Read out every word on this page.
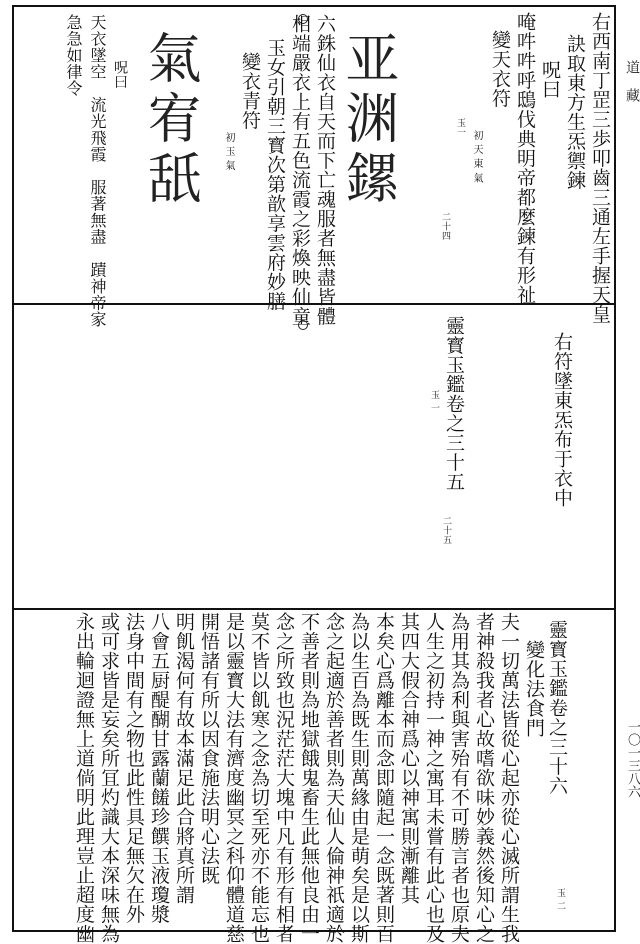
道　藏
一〇一三八六
右西南丁罡三歩叩齒三通左手握天皇
訣取東方生炁禦鍊
呪曰
唵吽吽呼鴟伐典明帝都麼鍊有形祉
變天衣符
初 天 東 氣
玉一
二十四
亚渊鏍
六銖仙衣自天而下亡魂服者無盡皆體
相端嚴衣上有五色流霞之彩煥映仙童
玉女引朝三寳次第歆享雲府妙膳
變衣青符
初 玉 氣
氣宥舐
天衣墜空　流光飛霞　服著無盡　蹟神帝家
急急如律令 呪曰
右符墜東炁布于衣中
靈寳玉鑑卷之三十五
玉 一
二十五
靈寳玉鑑卷之三十六
玉 二
變化法食門
夫一切萬法皆從心起亦從心滅所謂生我
者神殺我者心故嗜欲味妙義然後知心之
為用其為利與害殆有不可勝言者也原夫
人生之初持一神之寓耳未嘗有此心也及
其四大假合神爲心以神寓則漸離其
本矣心爲離本而念即隨起一念既著則百
為以生百為既生則萬緣由是萌矣是以斯
念之起適於善者則為天仙人倫神祇適於
不善者則為地獄餓鬼畜生此無他良由一
念之所致也況茫茫大塊中凡有形有相者
莫不皆以飢寒之念為切至死亦不能忘也
是以靈寳大法有濟度幽冥之科仰體道慈
開悟諸有所以因食施法明心法既
明飢渴何有故本滿足此合將真所謂
八會五厨醍醐甘露蘭饈珍饌玉液瓊漿
法身中間有之物也此性具足無欠在外
或可求皆是妄矣所冝灼識大本深味無為
永出輪迴證無上道倘明此理豈止超度幽
